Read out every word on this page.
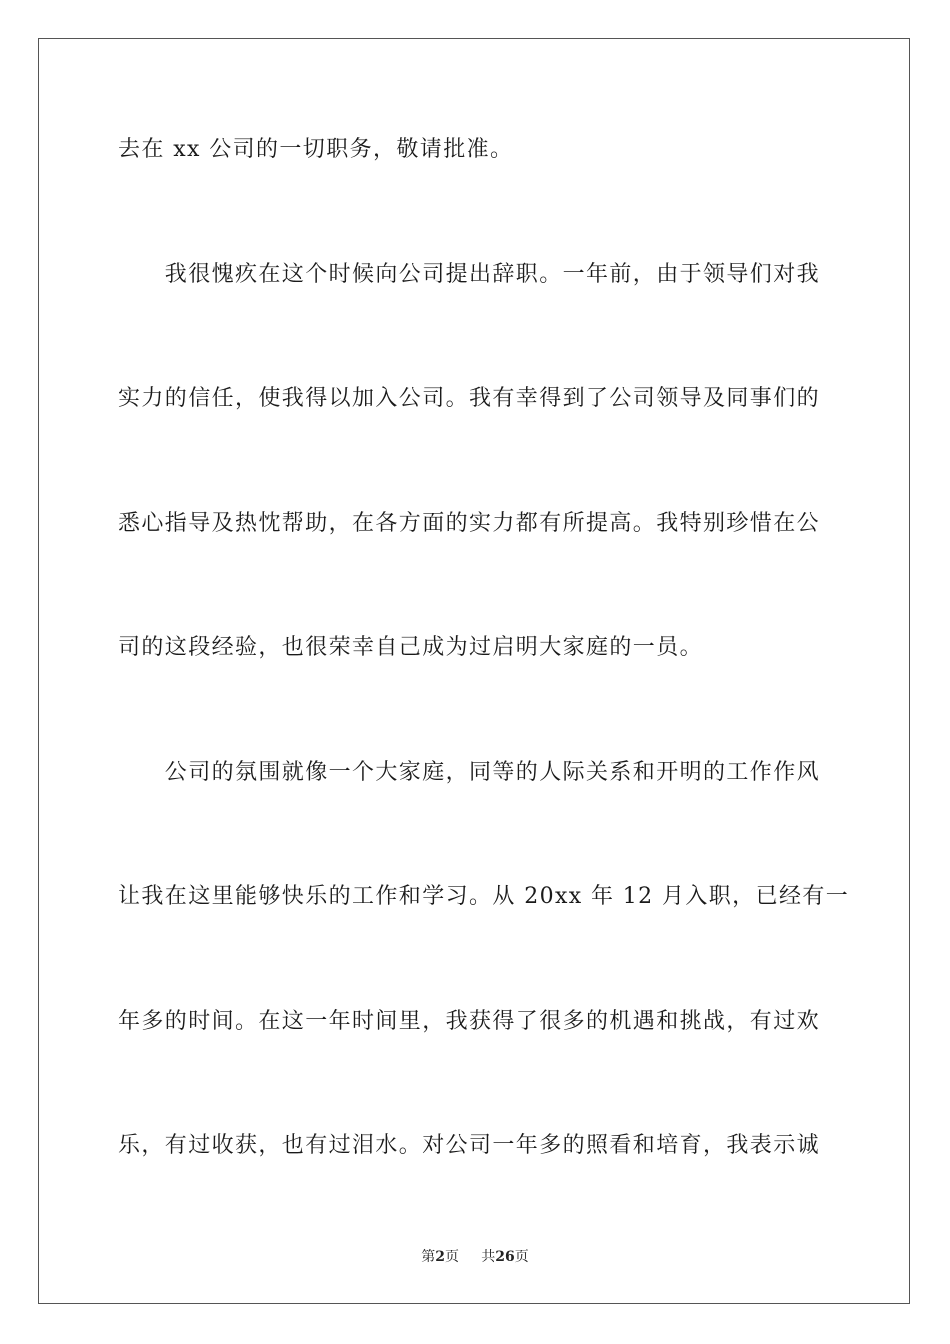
去在 xx 公司的一切职务，敬请批准。
　　我很愧疚在这个时候向公司提出辞职。一年前，由于领导们对我
实力的信任，使我得以加入公司。我有幸得到了公司领导及同事们的
悉心指导及热忱帮助，在各方面的实力都有所提高。我特别珍惜在公
司的这段经验，也很荣幸自己成为过启明大家庭的一员。
　　公司的氛围就像一个大家庭，同等的人际关系和开明的工作作风
让我在这里能够快乐的工作和学习。从 20xx 年 12 月入职，已经有一
年多的时间。在这一年时间里，我获得了很多的机遇和挑战，有过欢
乐，有过收获，也有过泪水。对公司一年多的照看和培育，我表示诚
第2页 共26页
